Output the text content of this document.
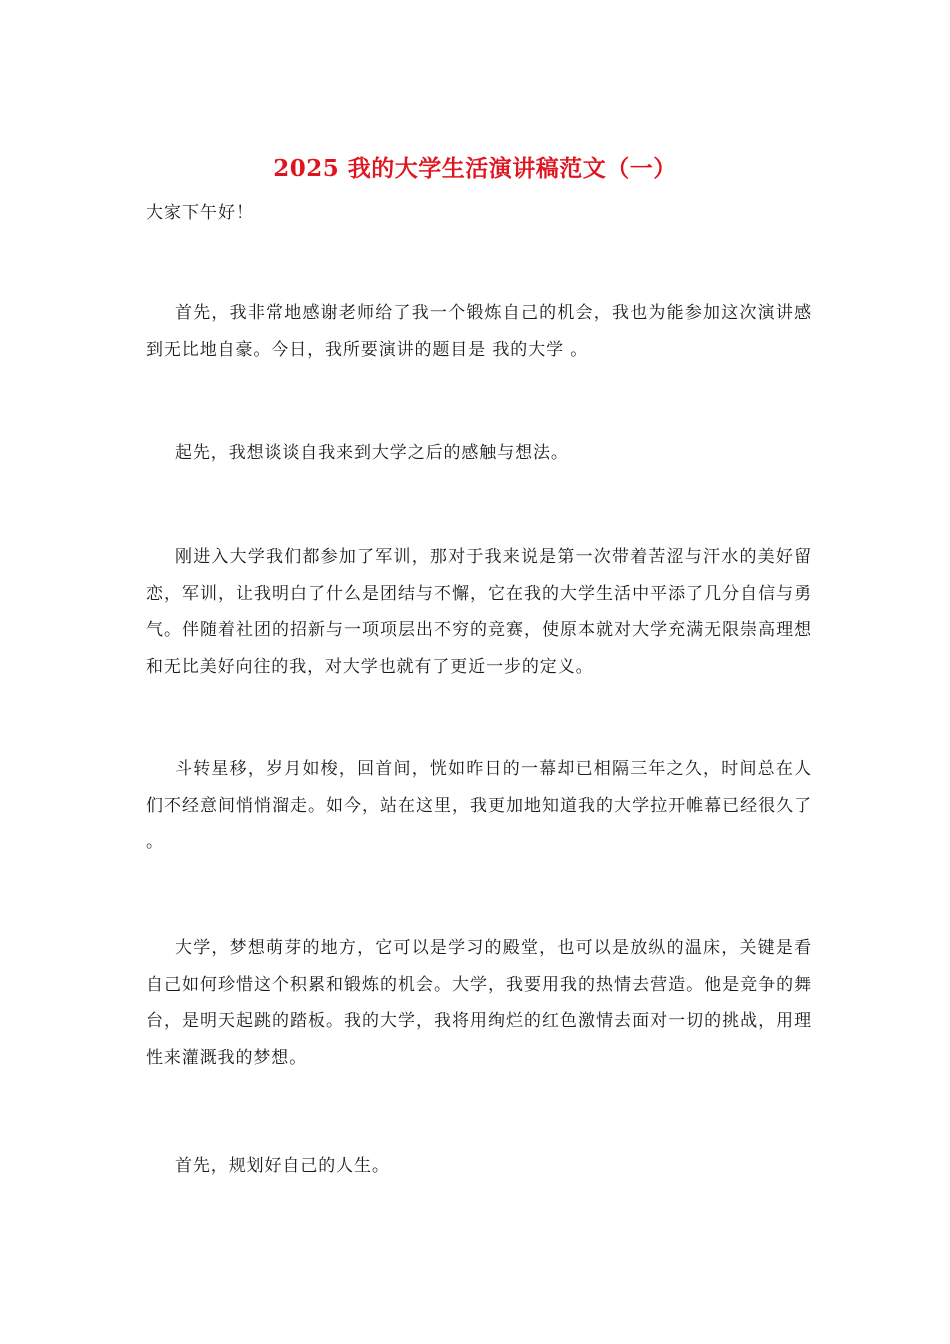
2025 我的大学生活演讲稿范文（一）
大家下午好！

首先，我非常地感谢老师给了我一个锻炼自己的机会，我也为能参加这次演讲感到无比地自豪。今日，我所要演讲的题目是 我的大学 。

起先，我想谈谈自我来到大学之后的感触与想法。

刚进入大学我们都参加了军训，那对于我来说是第一次带着苦涩与汗水的美好留恋，军训，让我明白了什么是团结与不懈，它在我的大学生活中平添了几分自信与勇气。伴随着社团的招新与一项项层出不穷的竞赛，使原本就对大学充满无限崇高理想和无比美好向往的我，对大学也就有了更近一步的定义。

斗转星移，岁月如梭，回首间，恍如昨日的一幕却已相隔三年之久，时间总在人们不经意间悄悄溜走。如今，站在这里，我更加地知道我的大学拉开帷幕已经很久了 。

大学，梦想萌芽的地方，它可以是学习的殿堂，也可以是放纵的温床，关键是看自己如何珍惜这个积累和锻炼的机会。大学，我要用我的热情去营造。他是竞争的舞台，是明天起跳的踏板。我的大学，我将用绚烂的红色激情去面对一切的挑战，用理性来灌溉我的梦想。

首先，规划好自己的人生。
